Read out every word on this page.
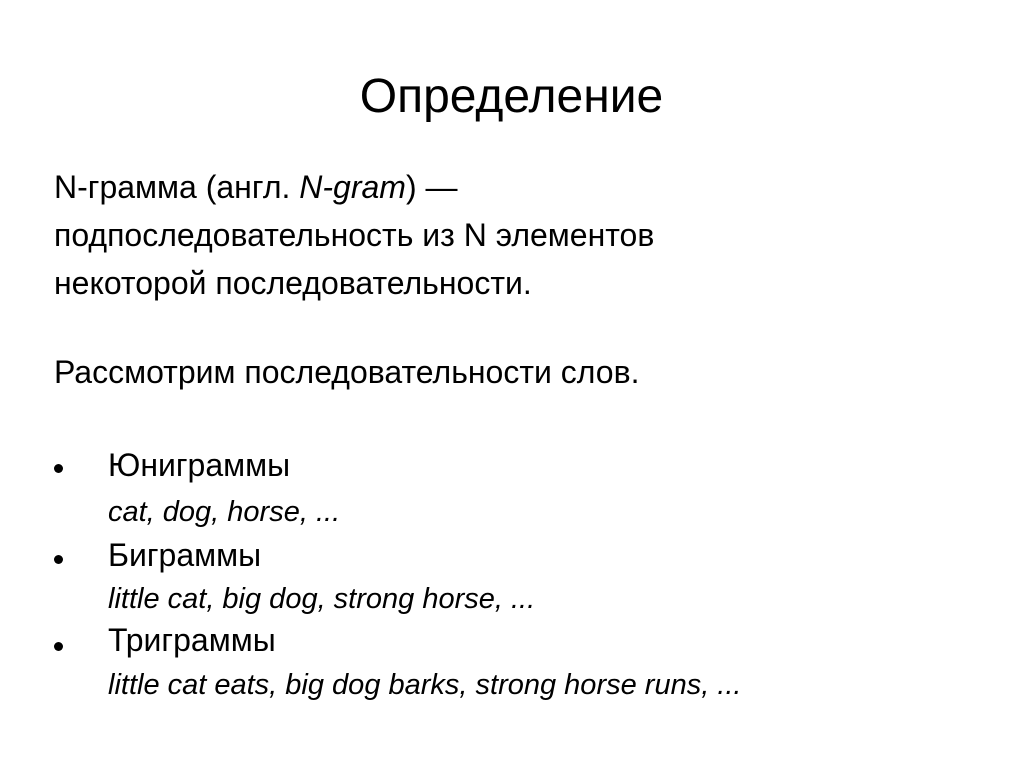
Определение
N-грамма (англ. N-gram) —
подпоследовательность из N элементов
некоторой последовательности.
Рассмотрим последовательности слов.
Юниграммы
cat, dog, horse, ...
Биграммы
little cat, big dog, strong horse, ...
Триграммы
little cat eats, big dog barks, strong horse runs, ...
